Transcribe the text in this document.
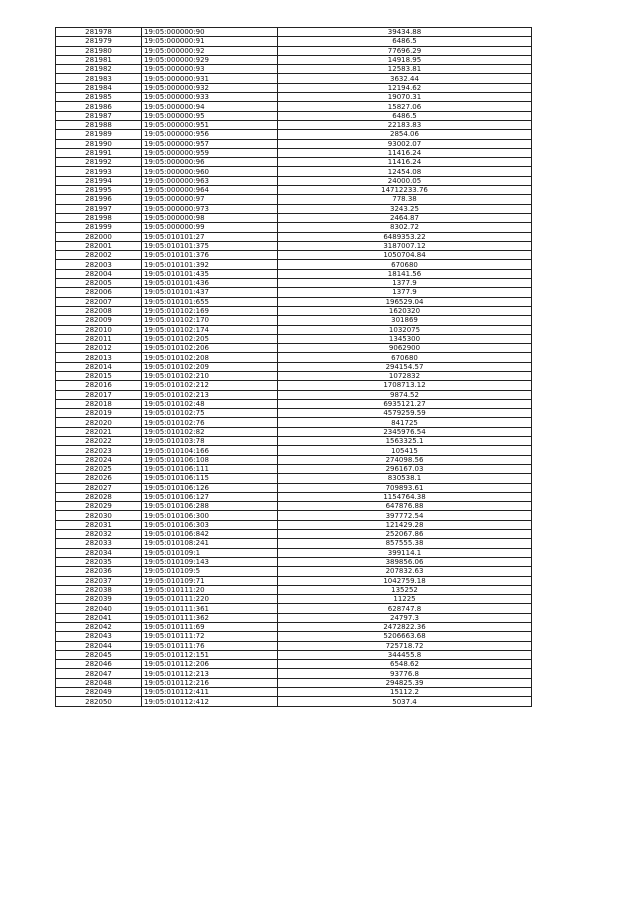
281978	19:05:000000:90	39434.88
281979	19:05:000000:91	6486.5
281980	19:05:000000:92	77696.29
281981	19:05:000000:929	14918.95
281982	19:05:000000:93	12583.81
281983	19:05:000000:931	3632.44
281984	19:05:000000:932	12194.62
281985	19:05:000000:933	19070.31
281986	19:05:000000:94	15827.06
281987	19:05:000000:95	6486.5
281988	19:05:000000:951	22183.83
281989	19:05:000000:956	2854.06
281990	19:05:000000:957	93002.07
281991	19:05:000000:959	11416.24
281992	19:05:000000:96	11416.24
281993	19:05:000000:960	12454.08
281994	19:05:000000:963	24000.05
281995	19:05:000000:964	14712233.76
281996	19:05:000000:97	778.38
281997	19:05:000000:973	3243.25
281998	19:05:000000:98	2464.87
281999	19:05:000000:99	8302.72
282000	19:05:010101:27	6489353.22
282001	19:05:010101:375	3187007.12
282002	19:05:010101:376	1050704.84
282003	19:05:010101:392	670680
282004	19:05:010101:435	18141.56
282005	19:05:010101:436	1377.9
282006	19:05:010101:437	1377.9
282007	19:05:010101:655	196529.04
282008	19:05:010102:169	1620320
282009	19:05:010102:170	301869
282010	19:05:010102:174	1032075
282011	19:05:010102:205	1345300
282012	19:05:010102:206	9062900
282013	19:05:010102:208	670680
282014	19:05:010102:209	294154.57
282015	19:05:010102:210	1072832
282016	19:05:010102:212	1708713.12
282017	19:05:010102:213	9874.52
282018	19:05:010102:48	6935121.27
282019	19:05:010102:75	4579259.59
282020	19:05:010102:76	841725
282021	19:05:010102:82	2345976.54
282022	19:05:010103:78	1563325.1
282023	19:05:010104:166	105415
282024	19:05:010106:108	274098.56
282025	19:05:010106:111	296167.03
282026	19:05:010106:115	830538.1
282027	19:05:010106:126	709893.61
282028	19:05:010106:127	1154764.38
282029	19:05:010106:288	647876.88
282030	19:05:010106:300	397772.54
282031	19:05:010106:303	121429.28
282032	19:05:010106:842	252067.86
282033	19:05:010108:241	857555.38
282034	19:05:010109:1	399114.1
282035	19:05:010109:143	389856.06
282036	19:05:010109:5	207832.63
282037	19:05:010109:71	1042759.18
282038	19:05:010111:20	135252
282039	19:05:010111:220	11225
282040	19:05:010111:361	628747.8
282041	19:05:010111:362	24797.3
282042	19:05:010111:69	2472822.36
282043	19:05:010111:72	5206663.68
282044	19:05:010111:76	725718.72
282045	19:05:010112:151	344455.8
282046	19:05:010112:206	6548.62
282047	19:05:010112:213	93776.8
282048	19:05:010112:216	294825.39
282049	19:05:010112:411	15112.2
282050	19:05:010112:412	5037.4
